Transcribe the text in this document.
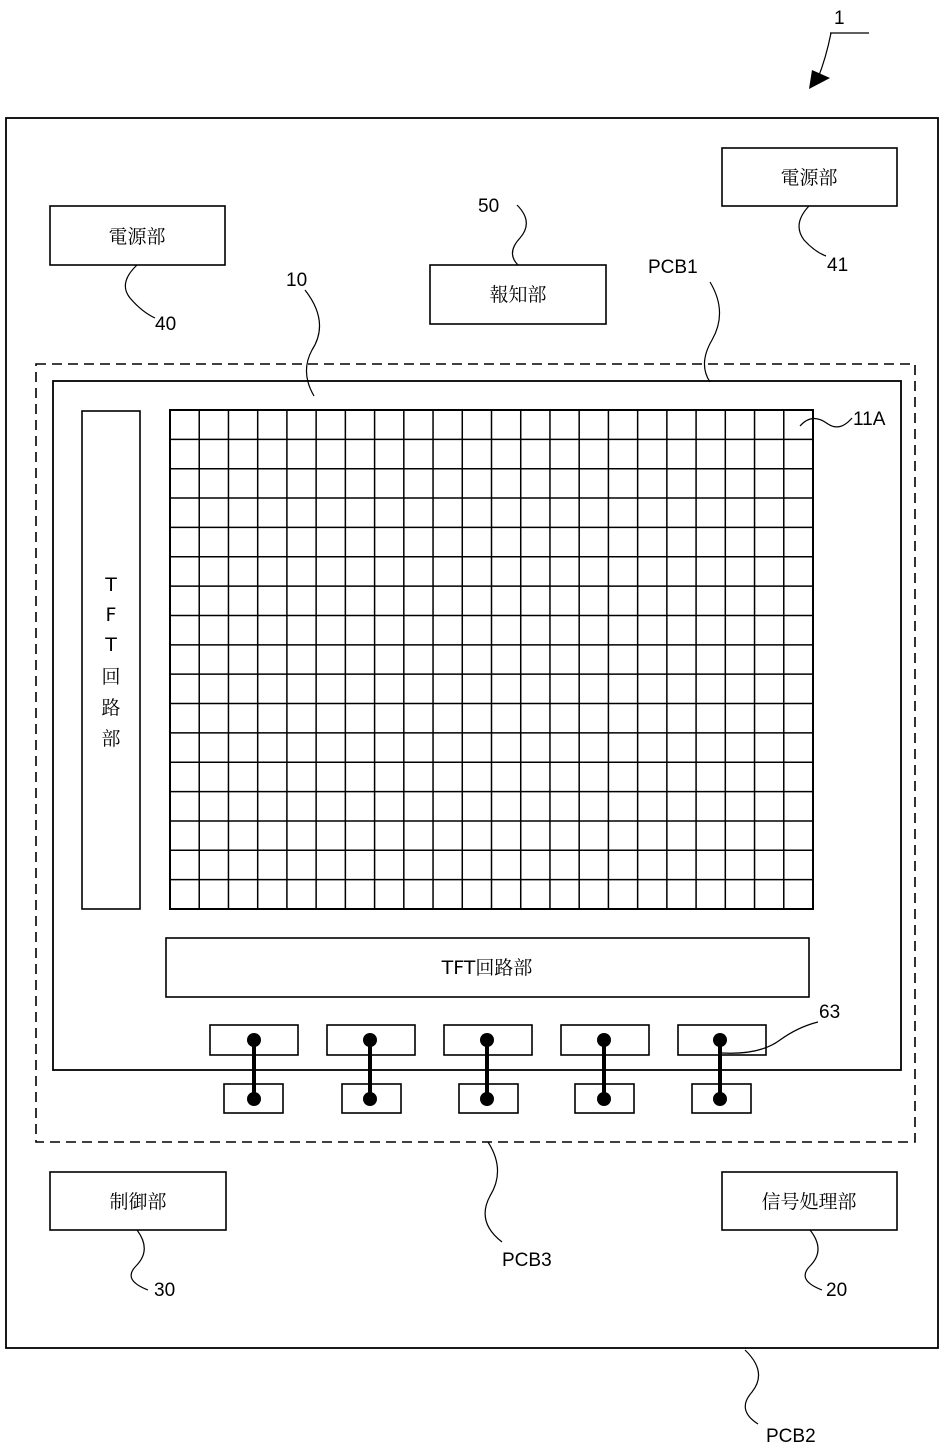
1
PCB2
電源部
40
電源部
41
報知部
50
PCB1
10
PCB3
T
F
T
回
路
部
11A
TFT回路部
63
制御部
30
信号処理部
20
